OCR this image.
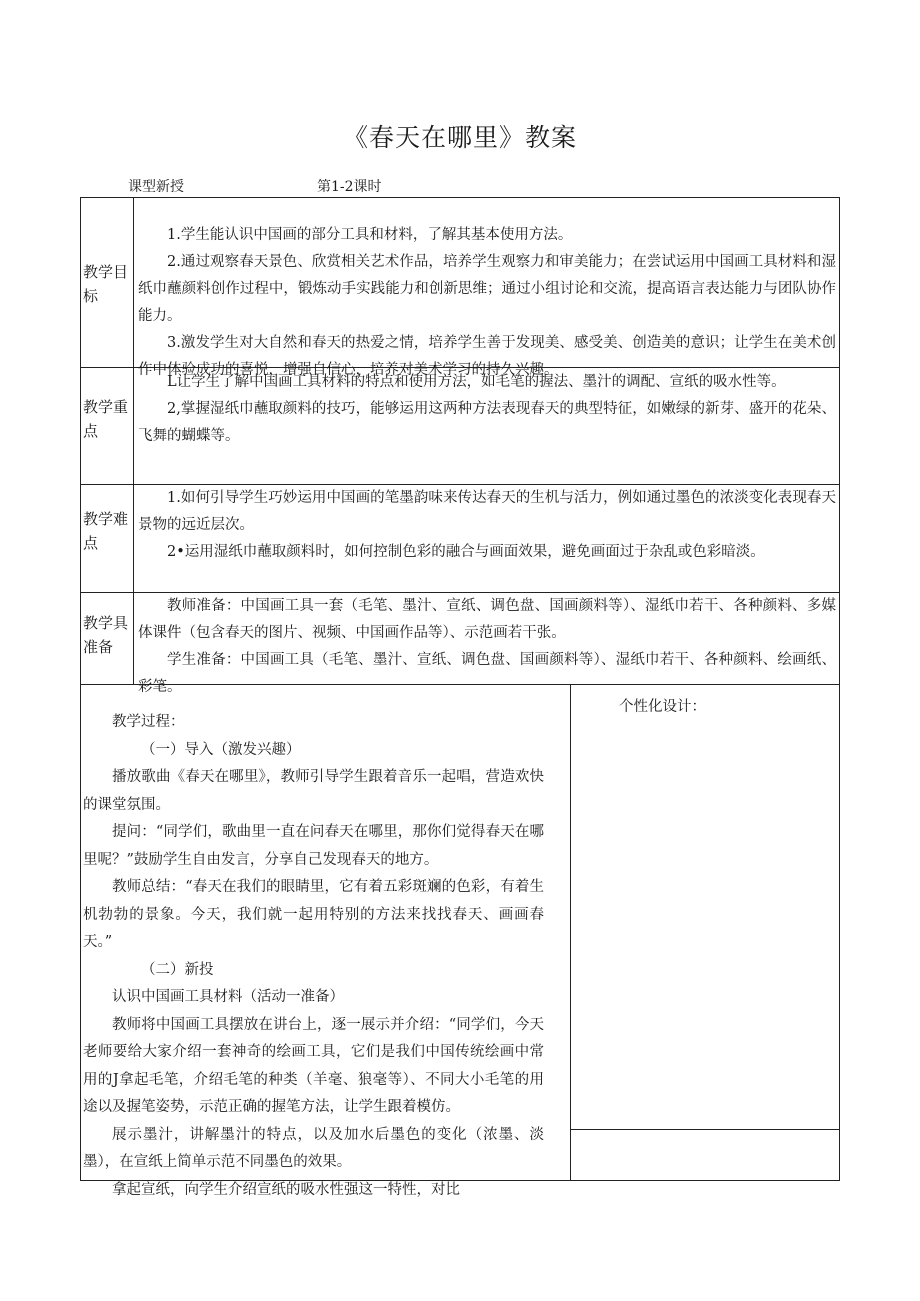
《春天在哪里》教案
课型新授	第1-2课时
教学目标

1.学生能认识中国画的部分工具和材料，了解其基本使用方法。

2.通过观察春天景色、欣赏相关艺术作品，培养学生观察力和审美能力；在尝试运用中国画工具材料和湿纸巾蘸颜料创作过程中，锻炼动手实践能力和创新思维；通过小组讨论和交流，提高语言表达能力与团队协作能力。

3.激发学生对大自然和春天的热爱之情，培养学生善于发现美、感受美、创造美的意识；让学生在美术创作中体验成功的喜悦，增强自信心，培养对美术学习的持久兴趣。

教学重点

L让学生了解中国画工具材料的特点和使用方法，如毛笔的握法、墨汁的调配、宣纸的吸水性等。

2,掌握湿纸巾蘸取颜料的技巧，能够运用这两种方法表现春天的典型特征，如嫩绿的新芽、盛开的花朵、飞舞的蝴蝶等。

教学难点

1.如何引导学生巧妙运用中国画的笔墨韵味来传达春天的生机与活力，例如通过墨色的浓淡变化表现春天景物的远近层次。

2•运用湿纸巾蘸取颜料时，如何控制色彩的融合与画面效果，避免画面过于杂乱或色彩暗淡。

教学具准备

教师准备：中国画工具一套（毛笔、墨汁、宣纸、调色盘、国画颜料等）、湿纸巾若干、各种颜料、多媒体课件（包含春天的图片、视频、中国画作品等）、示范画若干张。

学生准备：中国画工具（毛笔、墨汁、宣纸、调色盘、国画颜料等）、湿纸巾若干、各种颜料、绘画纸、彩笔。

教学过程：

（一）导入（激发兴趣）

播放歌曲《春天在哪里》，教师引导学生跟着音乐一起唱，营造欢快的课堂氛围。

提问：“同学们，歌曲里一直在问春天在哪里，那你们觉得春天在哪里呢？”鼓励学生自由发言，分享自己发现春天的地方。

教师总结：“春天在我们的眼睛里，它有着五彩斑斓的色彩，有着生机勃勃的景象。今天，我们就一起用特别的方法来找找春天、画画春天。”

（二）新投

认识中国画工具材料（活动一准备）

教师将中国画工具摆放在讲台上，逐一展示并介绍：“同学们，今天老师要给大家介绍一套神奇的绘画工具，它们是我们中国传统绘画中常用的J拿起毛笔，介绍毛笔的种类（羊毫、狼毫等）、不同大小毛笔的用途以及握笔姿势，示范正确的握笔方法，让学生跟着模仿。

展示墨汁，讲解墨汁的特点，以及加水后墨色的变化（浓墨、淡墨），在宣纸上简单示范不同墨色的效果。

拿起宣纸，向学生介绍宣纸的吸水性强这一特性，对比

个性化设计：
